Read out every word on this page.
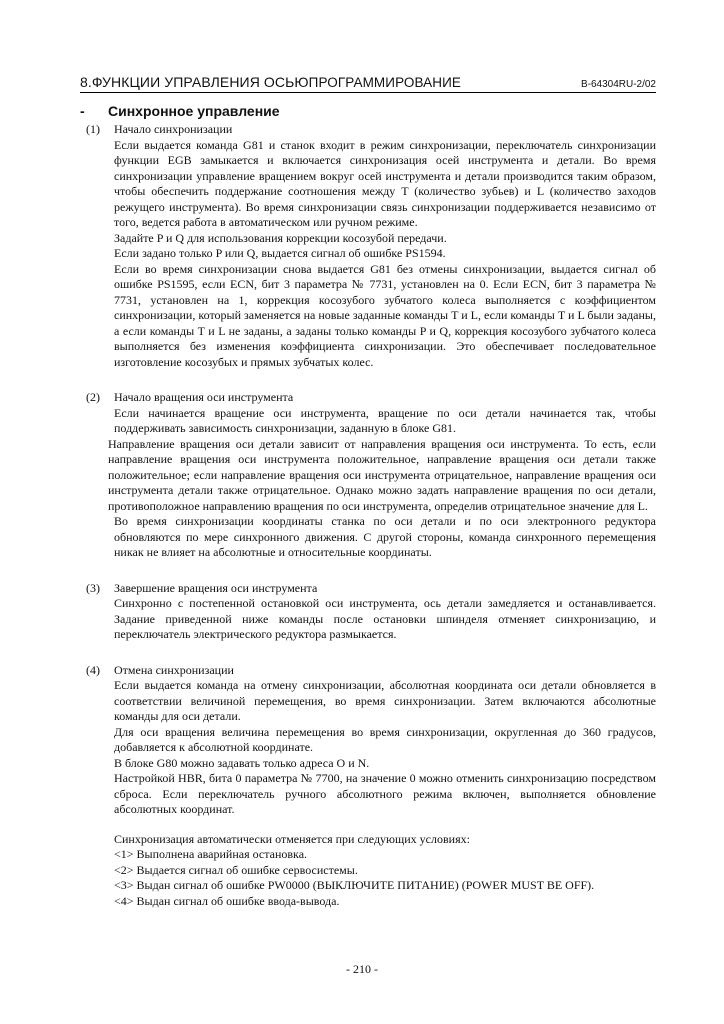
8.ФУНКЦИИ УПРАВЛЕНИЯ ОСЬЮПРОГРАММИРОВАНИЕ	B-64304RU-2/02
- Синхронное управление
(1) Начало синхронизации
Если выдается команда G81 и станок входит в режим синхронизации, переключатель синхронизации функции EGB замыкается и включается синхронизация осей инструмента и детали. Во время синхронизации управление вращением вокруг осей инструмента и детали производится таким образом, чтобы обеспечить поддержание соотношения между T (количество зубьев) и L (количество заходов режущего инструмента). Во время синхронизации связь синхронизации поддерживается независимо от того, ведется работа в автоматическом или ручном режиме.
Задайте P и Q для использования коррекции косозубой передачи.
Если задано только P или Q, выдается сигнал об ошибке PS1594.
Если во время синхронизации снова выдается G81 без отмены синхронизации, выдается сигнал об ошибке PS1595, если ECN, бит 3 параметра № 7731, установлен на 0. Если ECN, бит 3 параметра № 7731, установлен на 1, коррекция косозубого зубчатого колеса выполняется с коэффициентом синхронизации, который заменяется на новые заданные команды T и L, если команды T и L были заданы, а если команды T и L не заданы, а заданы только команды P и Q, коррекция косозубого зубчатого колеса выполняется без изменения коэффициента синхронизации. Это обеспечивает последовательное изготовление косозубых и прямых зубчатых колес.
(2) Начало вращения оси инструмента
Если начинается вращение оси инструмента, вращение по оси детали начинается так, чтобы поддерживать зависимость синхронизации, заданную в блоке G81.
Направление вращения оси детали зависит от направления вращения оси инструмента. То есть, если направление вращения оси инструмента положительное, направление вращения оси детали также положительное; если направление вращения оси инструмента отрицательное, направление вращения оси инструмента детали также отрицательное. Однако можно задать направление вращения по оси детали, противоположное направлению вращения по оси инструмента, определив отрицательное значение для L.
Во время синхронизации координаты станка по оси детали и по оси электронного редуктора обновляются по мере синхронного движения. С другой стороны, команда синхронного перемещения никак не влияет на абсолютные и относительные координаты.
(3) Завершение вращения оси инструмента
Синхронно с постепенной остановкой оси инструмента, ось детали замедляется и останавливается. Задание приведенной ниже команды после остановки шпинделя отменяет синхронизацию, и переключатель электрического редуктора размыкается.
(4) Отмена синхронизации
Если выдается команда на отмену синхронизации, абсолютная координата оси детали обновляется в соответствии величиной перемещения, во время синхронизации. Затем включаются абсолютные команды для оси детали.
Для оси вращения величина перемещения во время синхронизации, округленная до 360 градусов, добавляется к абсолютной координате.
В блоке G80 можно задавать только адреса O и N.
Настройкой HBR, бита 0 параметра № 7700, на значение 0 можно отменить синхронизацию посредством сброса. Если переключатель ручного абсолютного режима включен, выполняется обновление абсолютных координат.
Синхронизация автоматически отменяется при следующих условиях:
<1> Выполнена аварийная остановка.
<2> Выдается сигнал об ошибке сервосистемы.
<3> Выдан сигнал об ошибке PW0000 (ВЫКЛЮЧИТЕ ПИТАНИЕ) (POWER MUST BE OFF).
<4> Выдан сигнал об ошибке ввода-вывода.
- 210 -
